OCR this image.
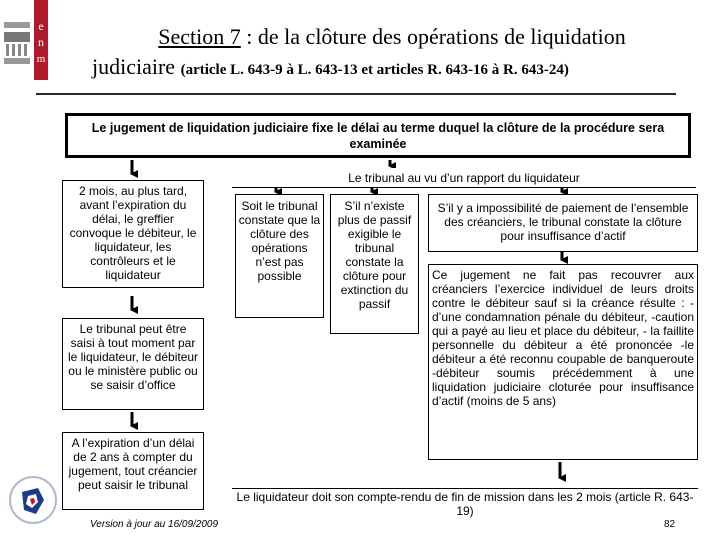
e
n
m
Section 7 : de la clôture des opérations de liquidation
judiciaire (article L. 643-9 à L. 643-13 et articles R. 643-16 à R. 643-24)
Le jugement de liquidation judiciaire fixe le délai au terme duquel la clôture de la procédure sera examinée
2 mois, au plus tard, avant l’expiration du délai, le greffier convoque le débiteur, le liquidateur, les contrôleurs et le liquidateur
Le tribunal peut être saisi à tout moment par le liquidateur, le débiteur ou le ministère public ou se saisir d’office
A l’expiration d’un délai de 2 ans à compter du jugement, tout créancier peut saisir le tribunal
Le tribunal au vu d’un rapport du liquidateur
Soit le tribunal constate que la clôture des opérations n’est pas possible
S’il n’existe plus de passif exigible le tribunal constate la clôture pour extinction du passif
S’il y a impossibilité de paiement de l’ensemble des créanciers, le tribunal constate la clôture pour insuffisance d’actif
Ce jugement ne fait pas recouvrer aux créanciers l’exercice individuel de leurs droits contre le débiteur sauf si la créance résulte : -d’une condamnation pénale du débiteur, -caution qui a payé au lieu et place du débiteur, - la faillite personnelle du débiteur a été prononcée -le débiteur a été reconnu coupable de banqueroute -débiteur soumis précédemment à une liquidation judiciaire cloturée pour insuffisance d’actif (moins de 5 ans)
Le liquidateur doit son compte-rendu de fin de mission dans les 2 mois (article R. 643-19)
Version à jour au 16/09/2009	82
